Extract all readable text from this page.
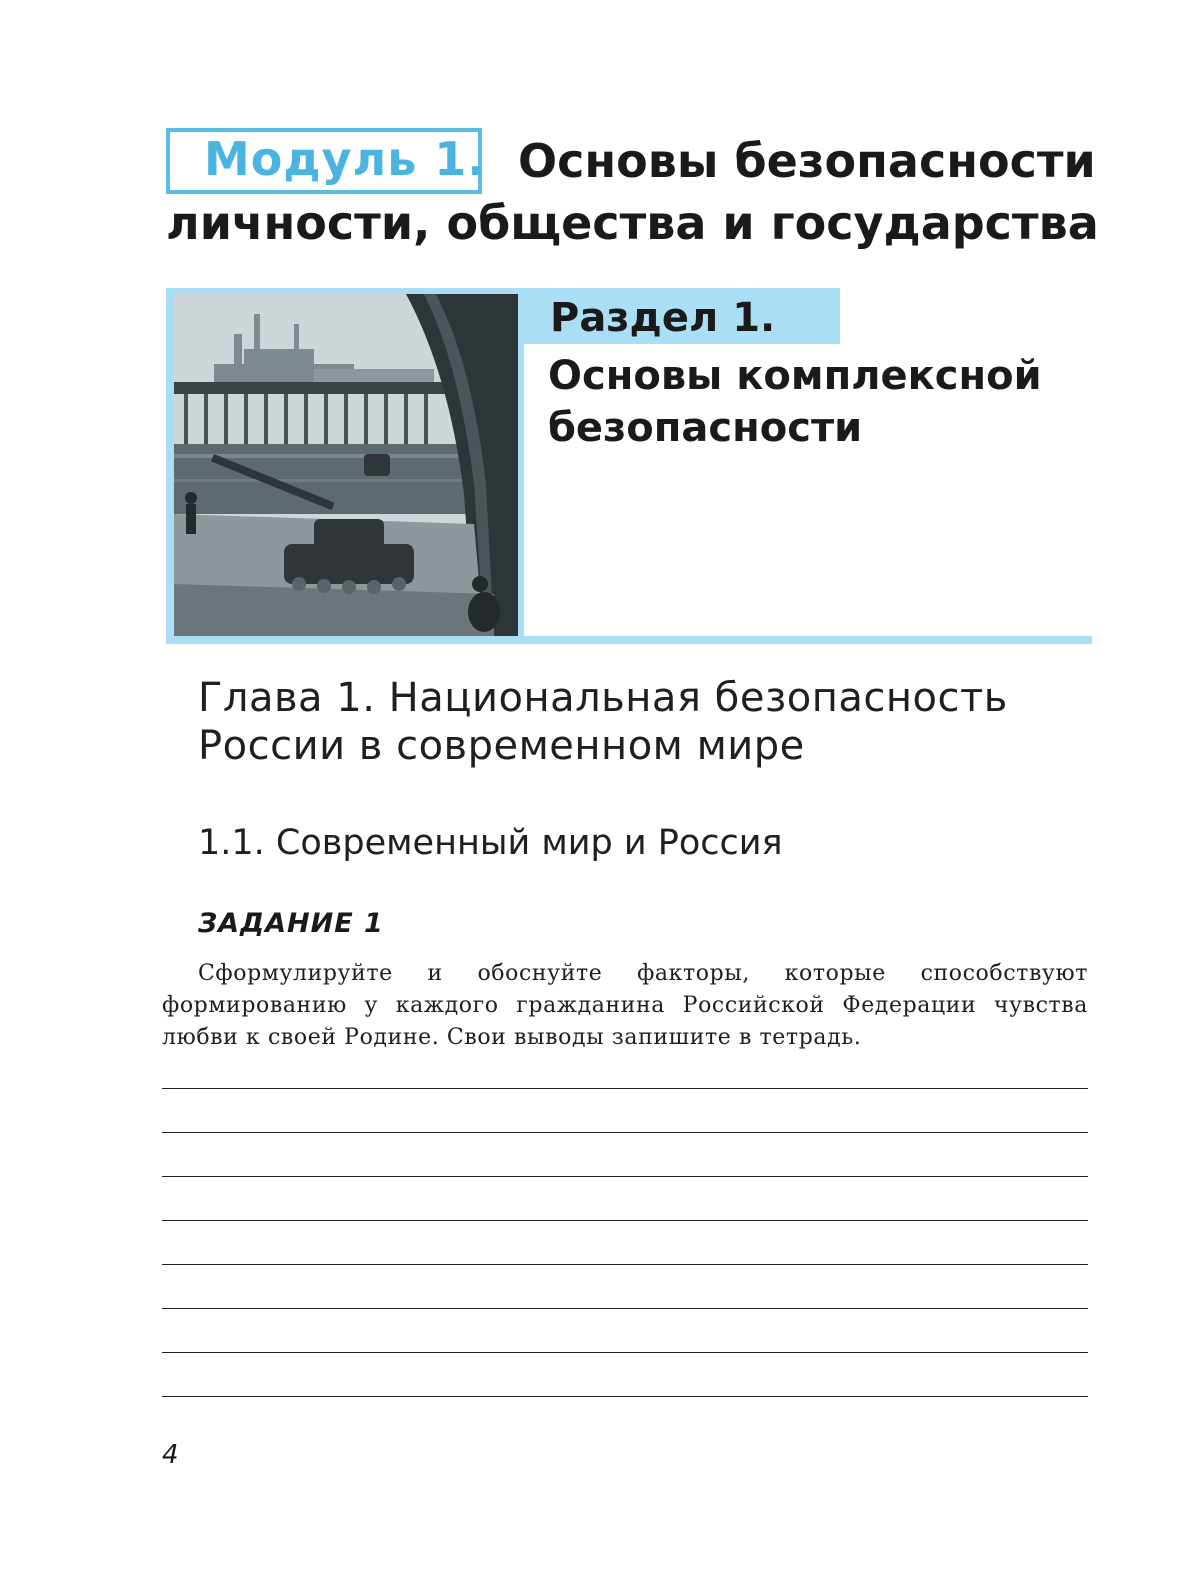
Модуль 1. Основы безопасности
личности, общества и государства
Раздел 1.
Основы комплексной безопасности
Глава 1. Национальная безопасность России в современном мире
1.1. Современный мир и Россия
ЗАДАНИЕ 1
Сформулируйте и обоснуйте факторы, которые способствуют формированию у каждого гражданина Российской Федерации чувства любви к своей Родине. Свои выводы запишите в тетрадь.
4
